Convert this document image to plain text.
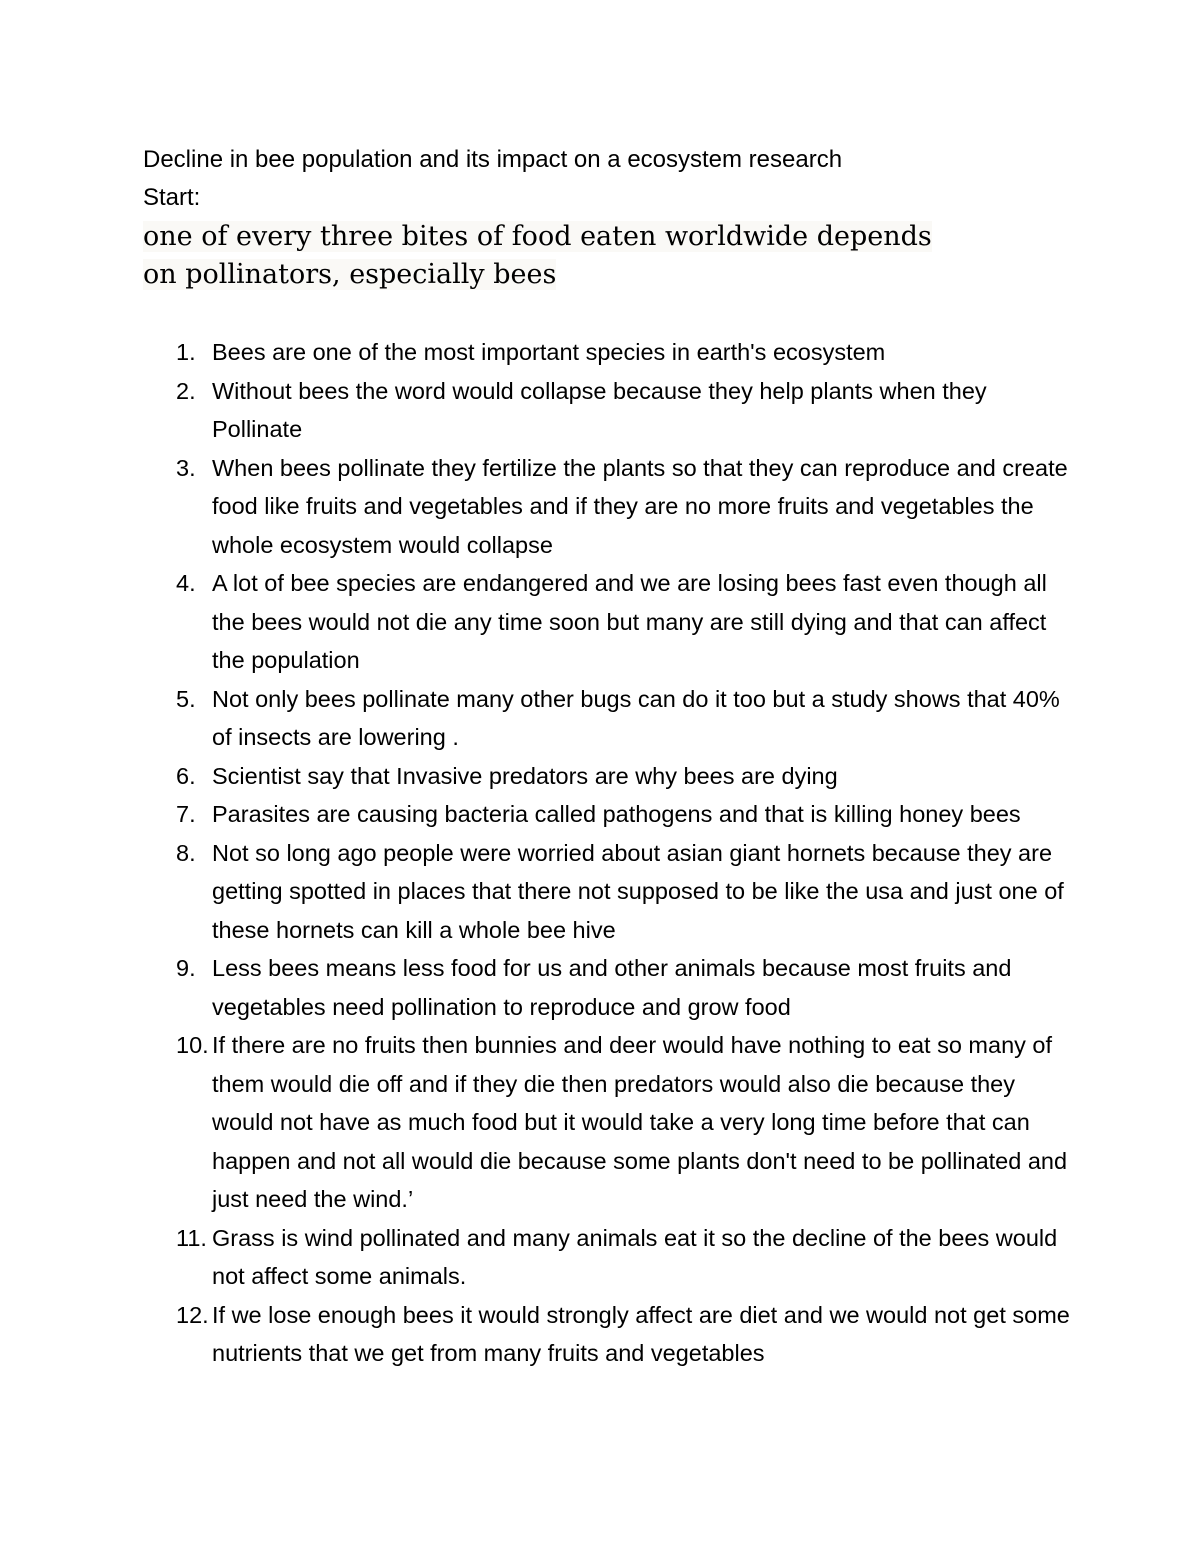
Decline in bee population and its impact on a ecosystem research
Start:
one of every three bites of food eaten worldwide depends on pollinators, especially bees
1. Bees are one of the most important species in earth's ecosystem
2. Without bees the word would collapse because they help plants when they Pollinate
3. When bees pollinate they fertilize the plants so that they can reproduce and create food like fruits and vegetables and if they are no more fruits and vegetables the whole ecosystem would collapse
4. A lot of bee species are endangered and we are losing bees fast even though all the bees would not die any time soon but many are still dying and that can affect the population
5. Not only bees pollinate many other bugs can do it too but a study shows that 40% of insects are lowering .
6. Scientist say that Invasive predators are why bees are dying
7. Parasites are causing bacteria called pathogens and that is killing honey bees
8. Not so long ago people were worried about asian giant hornets because they are getting spotted in places that there not supposed to be like the usa and just one of these hornets can kill a whole bee hive
9. Less bees means less food for us and other animals because most fruits and vegetables need pollination to reproduce and grow food
10. If there are no fruits then bunnies and deer would have nothing to eat so many of them would die off and if they die then predators would also die because they would not have as much food but it would take a very long time before that can happen and not all would die because some plants don't need to be pollinated and just need the wind.’
11. Grass is wind pollinated and many animals eat it so the decline of the bees would not affect some animals.
12. If we lose enough bees it would strongly affect are diet and we would not get some nutrients that we get from many fruits and vegetables
